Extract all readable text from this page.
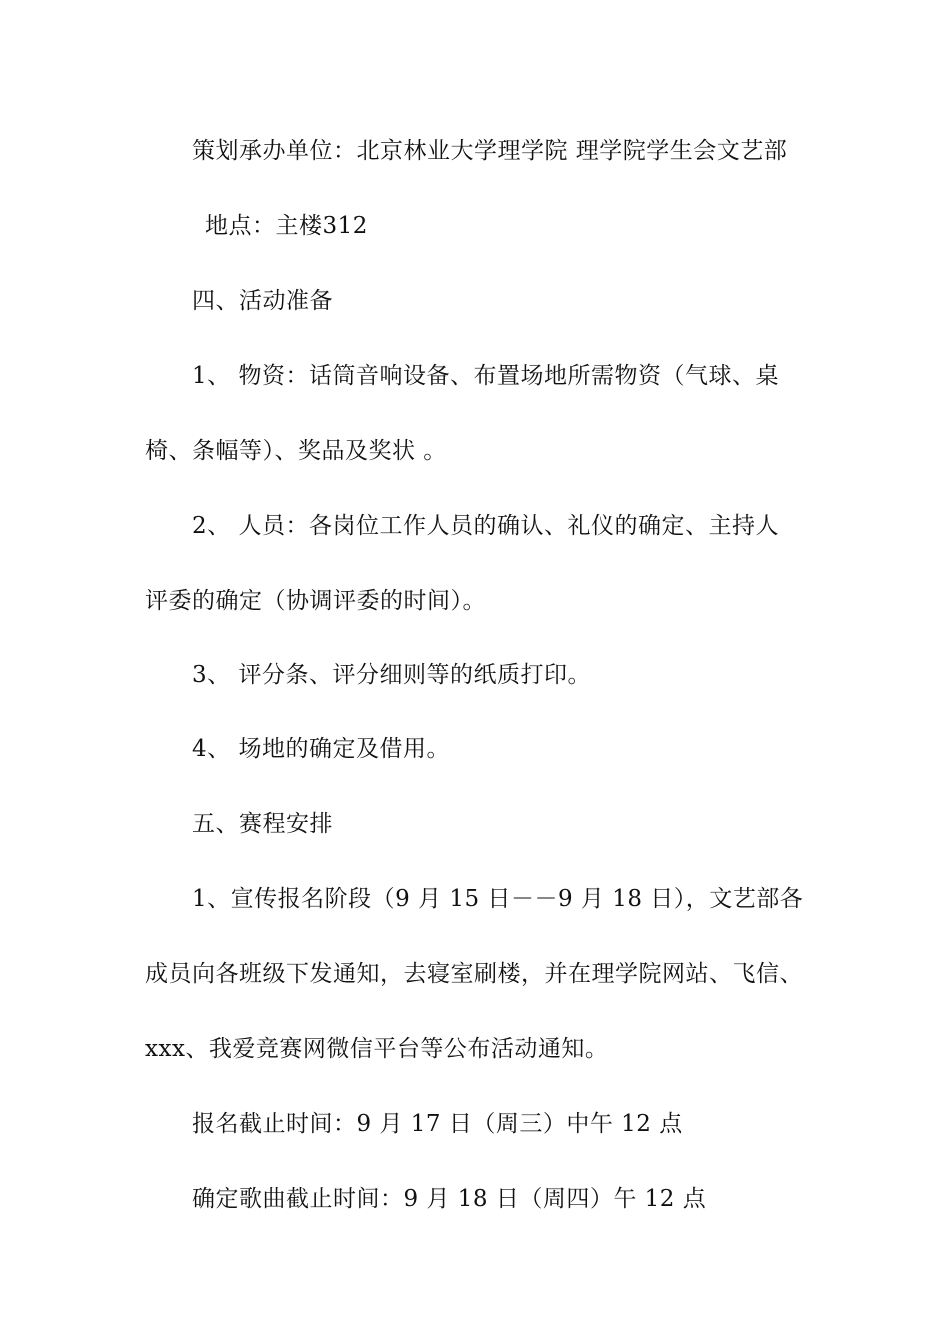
策划承办单位：北京林业大学理学院 理学院学生会文艺部
地点：主楼312
四、活动准备
1、 物资：话筒音响设备、布置场地所需物资（气球、桌
椅、条幅等）、奖品及奖状 。
2、 人员：各岗位工作人员的确认、礼仪的确定、主持人
评委的确定（协调评委的时间）。
3、 评分条、评分细则等的纸质打印。
4、 场地的确定及借用。
五、赛程安排
1、宣传报名阶段（9 月 15 日－－9 月 18 日），文艺部各
成员向各班级下发通知，去寝室刷楼，并在理学院网站、飞信、
xxx、我爱竞赛网微信平台等公布活动通知。
报名截止时间：9 月 17 日（周三）中午 12 点
确定歌曲截止时间：9 月 18 日（周四）午 12 点
